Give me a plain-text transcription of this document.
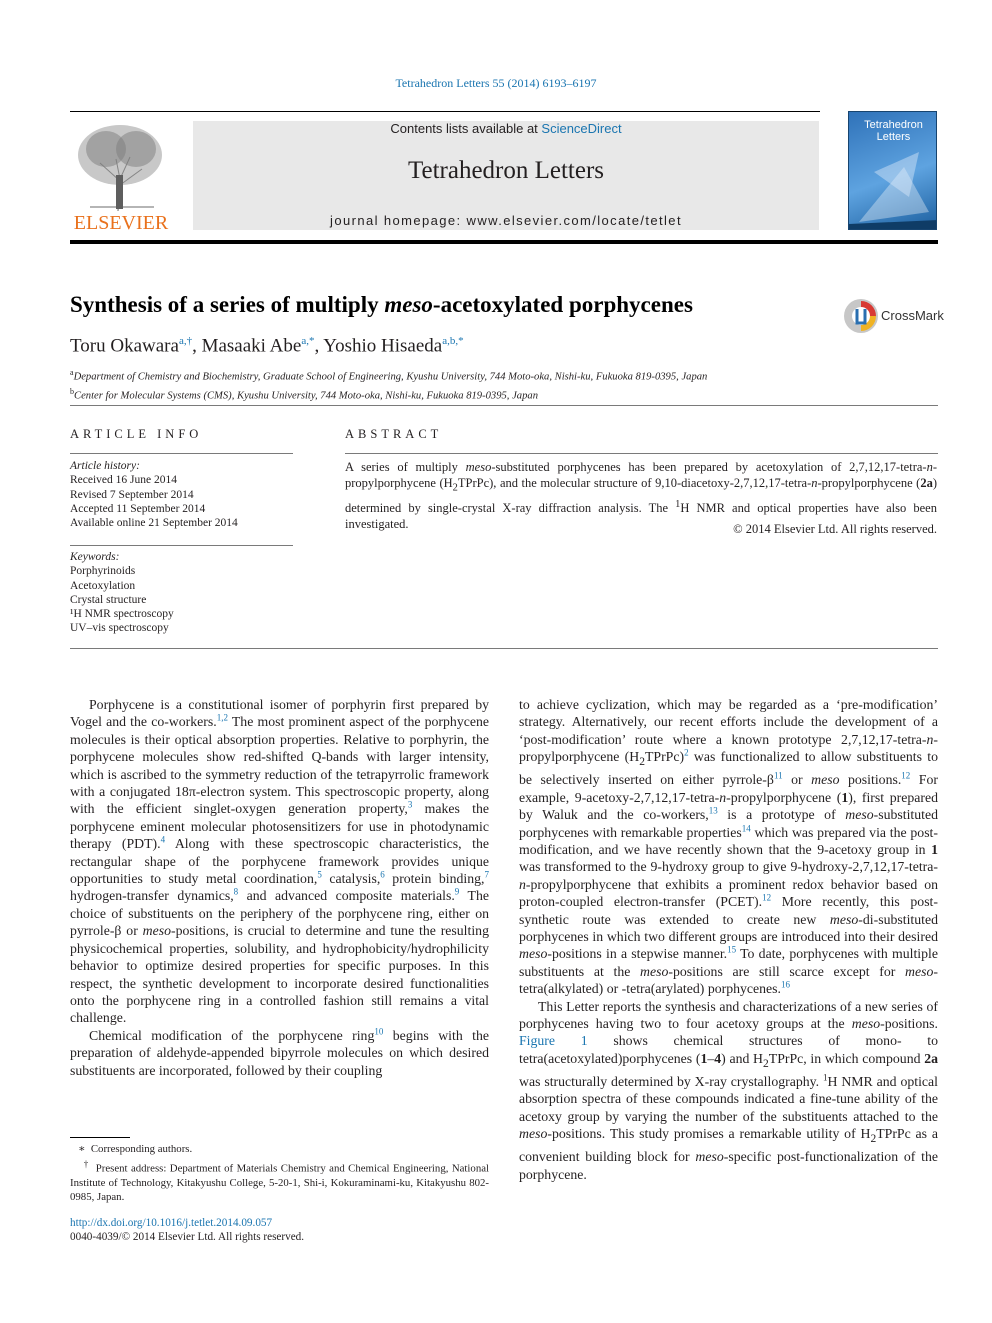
Tetrahedron Letters 55 (2014) 6193–6197
ELSEVIER
Contents lists available at ScienceDirect
Tetrahedron Letters
journal homepage: www.elsevier.com/locate/tetlet
Tetrahedron Letters
Synthesis of a series of multiply meso-acetoxylated porphycenes	CrossMark
Toru Okawara$^{a,\dagger}$, Masaaki Abe$^{a,*}$, Yoshio Hisaeda$^{a,b,*}$
$^a$Department of Chemistry and Biochemistry, Graduate School of Engineering, Kyushu University, 744 Moto-oka, Nishi-ku, Fukuoka 819-0395, Japan
$^b$Center for Molecular Systems (CMS), Kyushu University, 744 Moto-oka, Nishi-ku, Fukuoka 819-0395, Japan
ARTICLE INFO	ABSTRACT
Article history:
Received 16 June 2014
Revised 7 September 2014
Accepted 11 September 2014
Available online 21 September 2014
Keywords:
Porphyrinoids
Acetoxylation
Crystal structure
¹H NMR spectroscopy
UV–vis spectroscopy
A series of multiply meso-substituted porphycenes has been prepared by acetoxylation of 2,7,12,17-tetra-n-propylporphycene $(H_2TPrPc)$, and the molecular structure of 9,10-diacetoxy-2,7,12,17-tetra-n-propylporphycene (2a) determined by single-crystal X-ray diffraction analysis. The $^1$H NMR and optical properties have also been investigated.	© 2014 Elsevier Ltd. All rights reserved.

Porphycene is a constitutional isomer of porphyrin first prepared by Vogel and the co-workers.$^{1,2}$ The most prominent aspect of the porphycene molecules is their optical absorption properties. Relative to porphyrin, the porphycene molecules show red-shifted Q-bands with larger intensity, which is ascribed to the symmetry reduction of the tetrapyrrolic framework with a conjugated 18π-electron system. This spectroscopic property, along with the efficient singlet-oxygen generation property,$^3$ makes the porphycene eminent molecular photosensitizers for use in photodynamic therapy (PDT).$^4$ Along with these spectroscopic characteristics, the rectangular shape of the porphycene framework provides unique opportunities to study metal coordination,$^5$ catalysis,$^6$ protein binding,$^7$ hydrogen-transfer dynamics,$^8$ and advanced composite materials.$^9$ The choice of substituents on the periphery of the porphycene ring, either on pyrrole-β or meso-positions, is crucial to determine and tune the resulting physicochemical properties, solubility, and hydrophobicity/hydrophilicity behavior to optimize desired properties for specific purposes. In this respect, the synthetic development to incorporate desired functionalities onto the porphycene ring in a controlled fashion still remains a vital challenge.

Chemical modification of the porphycene ring$^{10}$ begins with the preparation of aldehyde-appended bipyrrole molecules on which desired substituents are incorporated, followed by their coupling

to achieve cyclization, which may be regarded as a ‘pre-modification’ strategy. Alternatively, our recent efforts include the development of a ‘post-modification’ route where a known prototype 2,7,12,17-tetra-n-propylporphycene $(H_2TPrPc)^2$ was functionalized to allow substituents to be selectively inserted on either pyrrole-$\beta^{11}$ or meso positions.$^{12}$ For example, 9-acetoxy-2,7,12,17-tetra-n-propylporphycene (1), first prepared by Waluk and the co-workers,$^{13}$ is a prototype of meso-substituted porphycenes with remarkable properties$^{14}$ which was prepared via the post-modification, and we have recently shown that the 9-acetoxy group in 1 was transformed to the 9-hydroxy group to give 9-hydroxy-2,7,12,17-tetra-n-propylporphycene that exhibits a prominent redox behavior based on proton-coupled electron-transfer (PCET).$^{12}$ More recently, this post-synthetic route was extended to create new meso-di-substituted porphycenes in which two different groups are introduced into their desired meso-positions in a stepwise manner.$^{15}$ To date, porphycenes with multiple substituents at the meso-positions are still scarce except for meso-tetra(alkylated) or -tetra(arylated) porphycenes.$^{16}$

This Letter reports the synthesis and characterizations of a new series of porphycenes having two to four acetoxy groups at the meso-positions. Figure 1 shows chemical structures of mono- to tetra(acetoxylated)porphycenes (1–4) and $H_2TPrPc$, in which compound 2a was structurally determined by X-ray crystallography. $^1$H NMR and optical absorption spectra of these compounds indicated a fine-tune ability of the acetoxy group by varying the number of the substituents attached to the meso-positions. This study promises a remarkable utility of $H_2TPrPc$ as a convenient building block for meso-specific post-functionalization of the porphycene.

∗  Corresponding authors.
† Present address: Department of Materials Chemistry and Chemical Engineering, National Institute of Technology, Kitakyushu College, 5-20-1, Shi-i, Kokuraminami-ku, Kitakyushu 802-0985, Japan.
http://dx.doi.org/10.1016/j.tetlet.2014.09.057
0040-4039/© 2014 Elsevier Ltd. All rights reserved.
